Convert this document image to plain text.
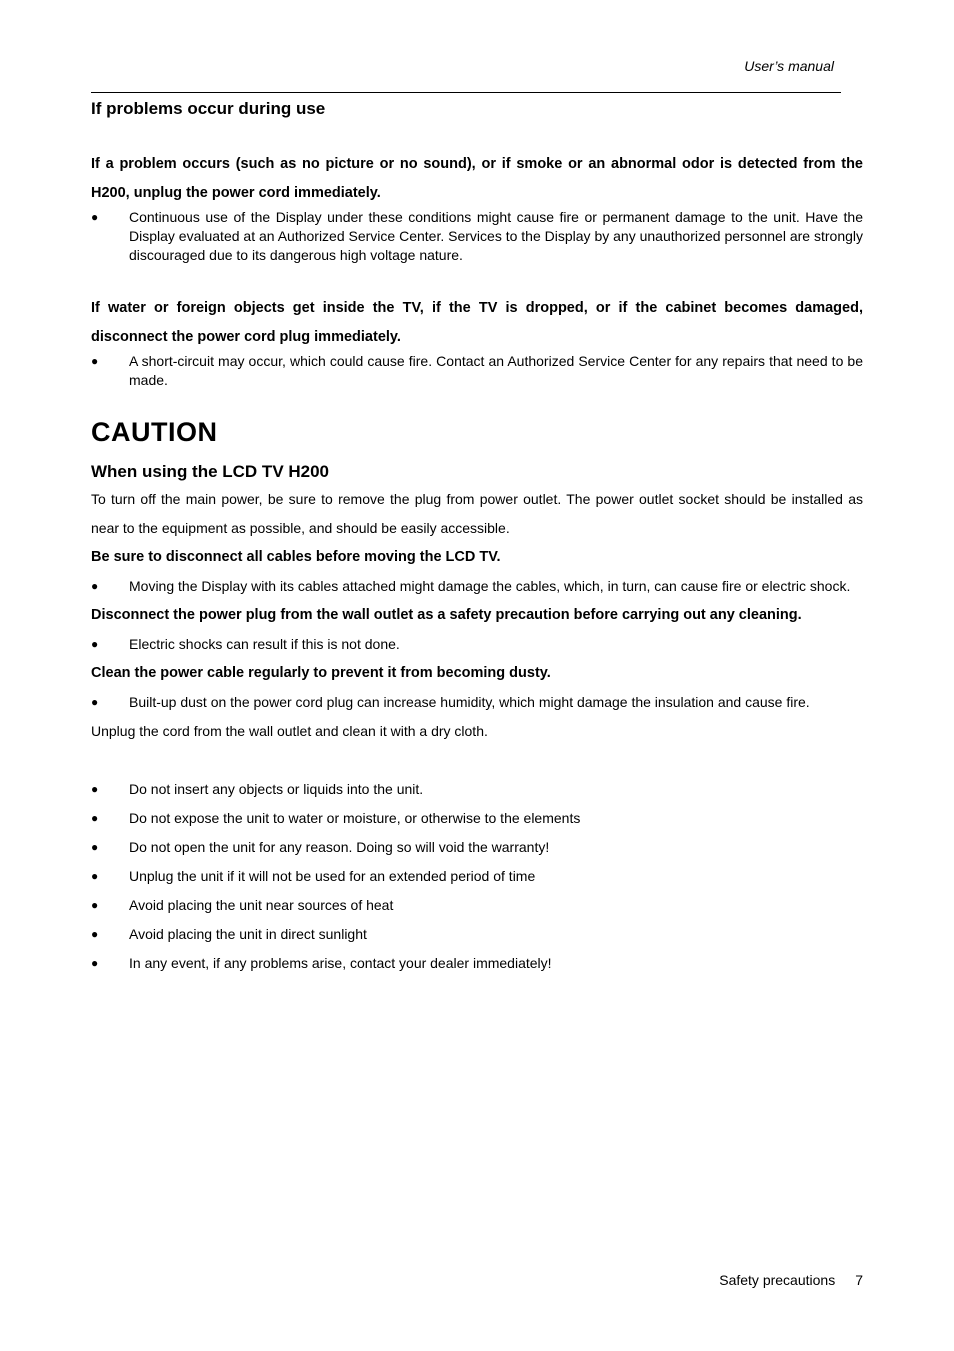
User’s manual

If problems occur during use

If a problem occurs (such as no picture or no sound), or if smoke or an abnormal odor is detected from the H200, unplug the power cord immediately.

● Continuous use of the Display under these conditions might cause fire or permanent damage to the unit. Have the Display evaluated at an Authorized Service Center. Services to the Display by any unauthorized personnel are strongly discouraged due to its dangerous high voltage nature.

If water or foreign objects get inside the TV, if the TV is dropped, or if the cabinet becomes damaged, disconnect the power cord plug immediately.

● A short-circuit may occur, which could cause fire. Contact an Authorized Service Center for any repairs that need to be made.

CAUTION

When using the LCD TV H200

To turn off the main power, be sure to remove the plug from power outlet. The power outlet socket should be installed as near to the equipment as possible, and should be easily accessible.

Be sure to disconnect all cables before moving the LCD TV.

● Moving the Display with its cables attached might damage the cables, which, in turn, can cause fire or electric shock.

Disconnect the power plug from the wall outlet as a safety precaution before carrying out any cleaning.

● Electric shocks can result if this is not done.

Clean the power cable regularly to prevent it from becoming dusty.

● Built-up dust on the power cord plug can increase humidity, which might damage the insulation and cause fire.

Unplug the cord from the wall outlet and clean it with a dry cloth.

● Do not insert any objects or liquids into the unit.
● Do not expose the unit to water or moisture, or otherwise to the elements
● Do not open the unit for any reason. Doing so will void the warranty!
● Unplug the unit if it will not be used for an extended period of time
● Avoid placing the unit near sources of heat
● Avoid placing the unit in direct sunlight
● In any event, if any problems arise, contact your dealer immediately!
Safety precautions 7
